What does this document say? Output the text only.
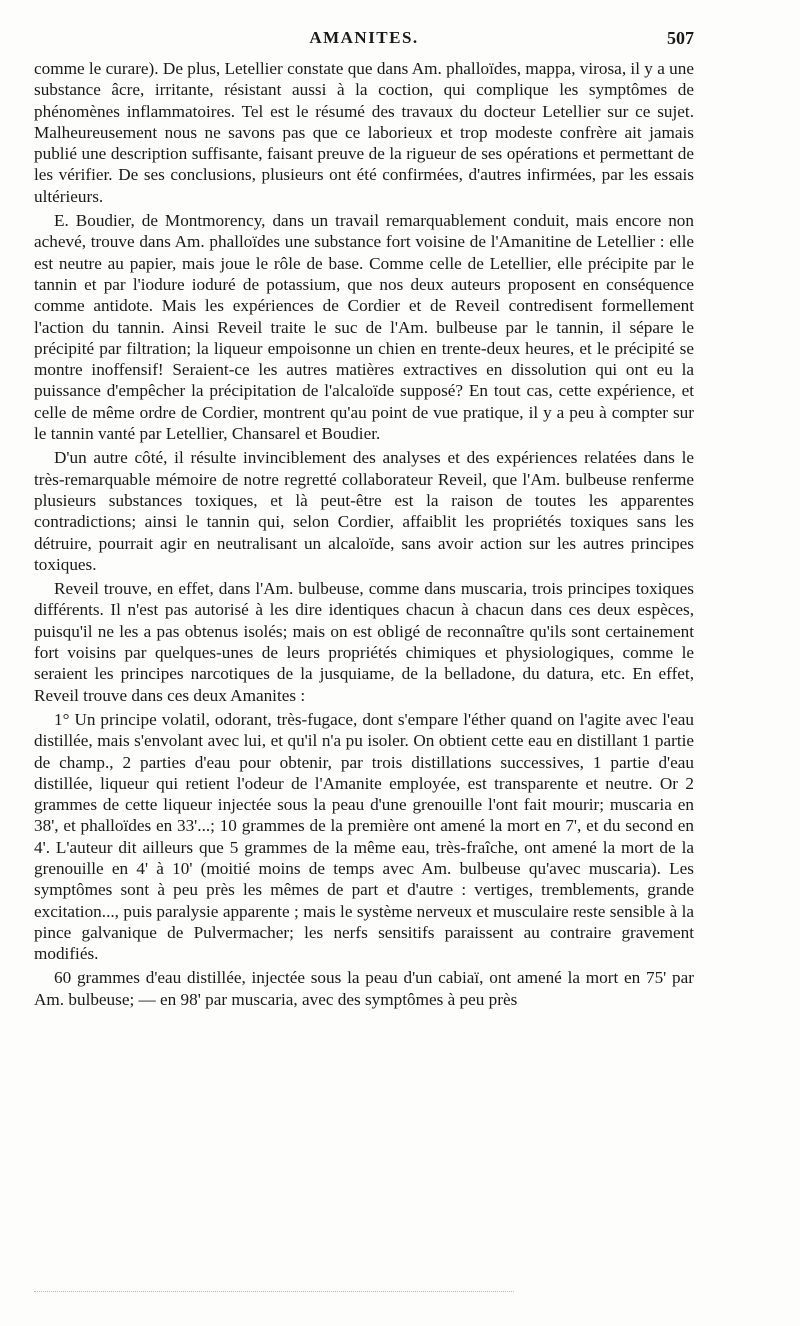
AMANITES.	507

comme le curare). De plus, Letellier constate que dans Am. phalloïdes, mappa, virosa, il y a une substance âcre, irritante, résistant aussi à la coction, qui complique les symptômes de phénomènes inflammatoires. Tel est le résumé des travaux du docteur Letellier sur ce sujet. Malheureusement nous ne savons pas que ce laborieux et trop modeste confrère ait jamais publié une description suffisante, faisant preuve de la rigueur de ses opérations et permettant de les vérifier. De ses conclusions, plusieurs ont été confirmées, d'autres infirmées, par les essais ultérieurs.

E. Boudier, de Montmorency, dans un travail remarquablement conduit, mais encore non achevé, trouve dans Am. phalloïdes une substance fort voisine de l'Amanitine de Letellier : elle est neutre au papier, mais joue le rôle de base. Comme celle de Letellier, elle précipite par le tannin et par l'iodure ioduré de potassium, que nos deux auteurs proposent en conséquence comme antidote. Mais les expériences de Cordier et de Reveil contredisent formellement l'action du tannin. Ainsi Reveil traite le suc de l'Am. bulbeuse par le tannin, il sépare le précipité par filtration; la liqueur empoisonne un chien en trente-deux heures, et le précipité se montre inoffensif! Seraient-ce les autres matières extractives en dissolution qui ont eu la puissance d'empêcher la précipitation de l'alcaloïde supposé? En tout cas, cette expérience, et celle de même ordre de Cordier, montrent qu'au point de vue pratique, il y a peu à compter sur le tannin vanté par Letellier, Chansarel et Boudier.

D'un autre côté, il résulte invinciblement des analyses et des expériences relatées dans le très-remarquable mémoire de notre regretté collaborateur Reveil, que l'Am. bulbeuse renferme plusieurs substances toxiques, et là peut-être est la raison de toutes les apparentes contradictions; ainsi le tannin qui, selon Cordier, affaiblit les propriétés toxiques sans les détruire, pourrait agir en neutralisant un alcaloïde, sans avoir action sur les autres principes toxiques.

Reveil trouve, en effet, dans l'Am. bulbeuse, comme dans muscaria, trois principes toxiques différents. Il n'est pas autorisé à les dire identiques chacun à chacun dans ces deux espèces, puisqu'il ne les a pas obtenus isolés; mais on est obligé de reconnaître qu'ils sont certainement fort voisins par quelques-unes de leurs propriétés chimiques et physiologiques, comme le seraient les principes narcotiques de la jusquiame, de la belladone, du datura, etc. En effet, Reveil trouve dans ces deux Amanites :

1° Un principe volatil, odorant, très-fugace, dont s'empare l'éther quand on l'agite avec l'eau distillée, mais s'envolant avec lui, et qu'il n'a pu isoler. On obtient cette eau en distillant 1 partie de champ., 2 parties d'eau pour obtenir, par trois distillations successives, 1 partie d'eau distillée, liqueur qui retient l'odeur de l'Amanite employée, est transparente et neutre. Or 2 grammes de cette liqueur injectée sous la peau d'une grenouille l'ont fait mourir; muscaria en 38', et phalloïdes en 33'...; 10 grammes de la première ont amené la mort en 7', et du second en 4'. L'auteur dit ailleurs que 5 grammes de la même eau, très-fraîche, ont amené la mort de la grenouille en 4' à 10' (moitié moins de temps avec Am. bulbeuse qu'avec muscaria). Les symptômes sont à peu près les mêmes de part et d'autre : vertiges, tremblements, grande excitation..., puis paralysie apparente ; mais le système nerveux et musculaire reste sensible à la pince galvanique de Pulvermacher; les nerfs sensitifs paraissent au contraire gravement modifiés.

60 grammes d'eau distillée, injectée sous la peau d'un cabiaï, ont amené la mort en 75' par Am. bulbeuse; — en 98' par muscaria, avec des symptômes à peu près
